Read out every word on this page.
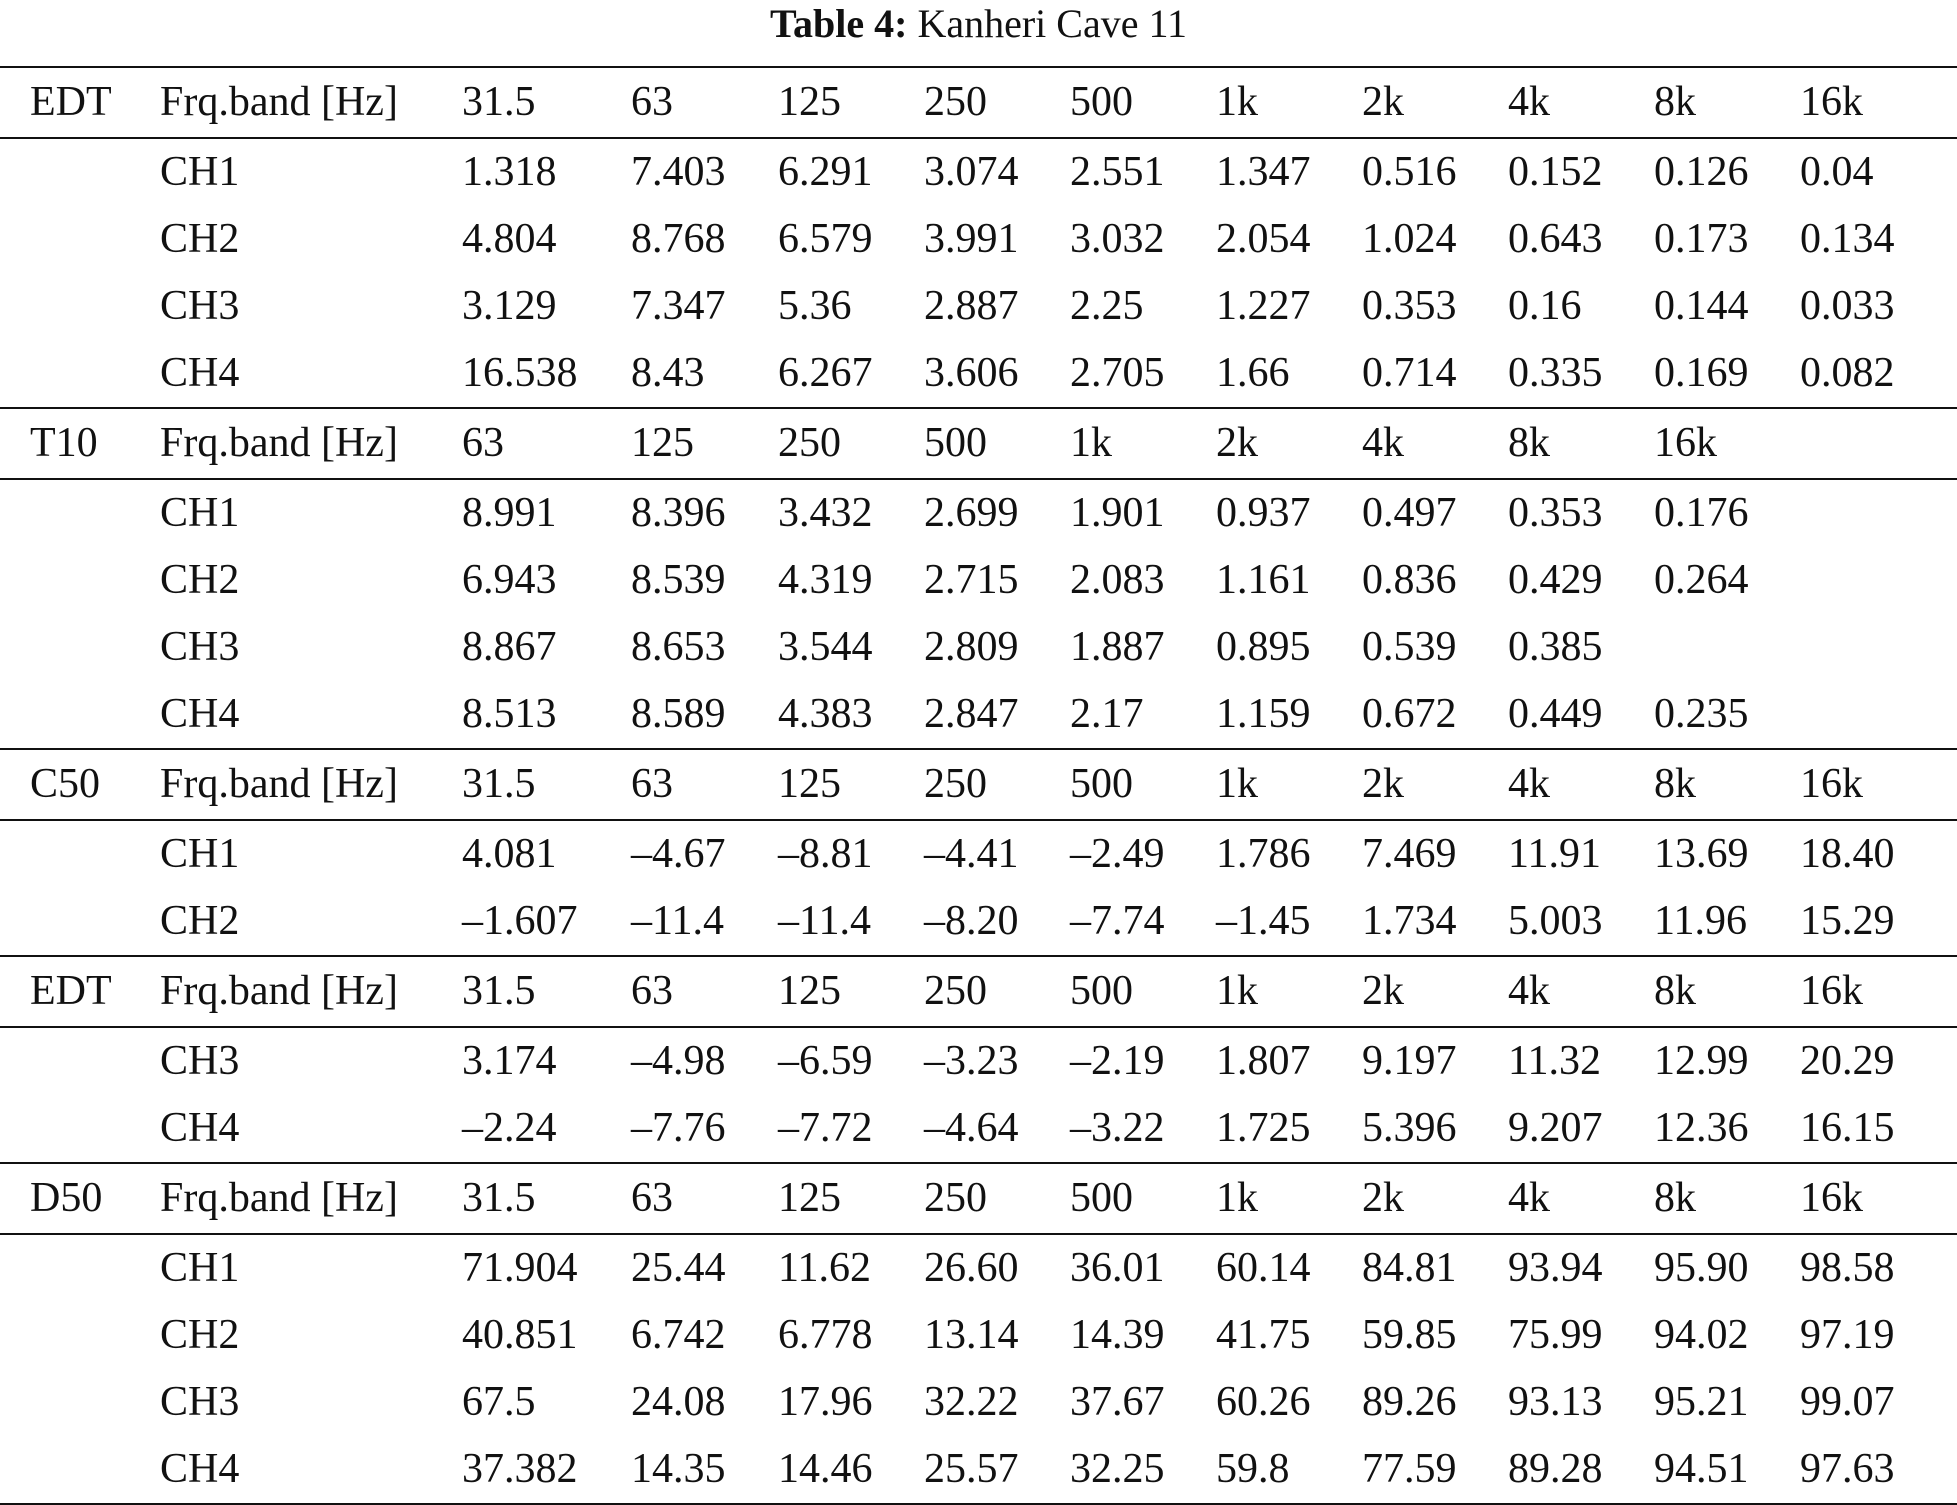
Table 4: Kanheri Cave 11
EDT	Frq.band [Hz]	31.5	63	125	250	500	1k	2k	4k	8k	16k
	CH1	1.318	7.403	6.291	3.074	2.551	1.347	0.516	0.152	0.126	0.04
	CH2	4.804	8.768	6.579	3.991	3.032	2.054	1.024	0.643	0.173	0.134
	CH3	3.129	7.347	5.36	2.887	2.25	1.227	0.353	0.16	0.144	0.033
	CH4	16.538	8.43	6.267	3.606	2.705	1.66	0.714	0.335	0.169	0.082
T10	Frq.band [Hz]	63	125	250	500	1k	2k	4k	8k	16k	
	CH1	8.991	8.396	3.432	2.699	1.901	0.937	0.497	0.353	0.176	
	CH2	6.943	8.539	4.319	2.715	2.083	1.161	0.836	0.429	0.264	
	CH3	8.867	8.653	3.544	2.809	1.887	0.895	0.539	0.385		
	CH4	8.513	8.589	4.383	2.847	2.17	1.159	0.672	0.449	0.235	
C50	Frq.band [Hz]	31.5	63	125	250	500	1k	2k	4k	8k	16k
	CH1	4.081	–4.67	–8.81	–4.41	–2.49	1.786	7.469	11.91	13.69	18.40
	CH2	–1.607	–11.4	–11.4	–8.20	–7.74	–1.45	1.734	5.003	11.96	15.29
EDT	Frq.band [Hz]	31.5	63	125	250	500	1k	2k	4k	8k	16k
	CH3	3.174	–4.98	–6.59	–3.23	–2.19	1.807	9.197	11.32	12.99	20.29
	CH4	–2.24	–7.76	–7.72	–4.64	–3.22	1.725	5.396	9.207	12.36	16.15
D50	Frq.band [Hz]	31.5	63	125	250	500	1k	2k	4k	8k	16k
	CH1	71.904	25.44	11.62	26.60	36.01	60.14	84.81	93.94	95.90	98.58
	CH2	40.851	6.742	6.778	13.14	14.39	41.75	59.85	75.99	94.02	97.19
	CH3	67.5	24.08	17.96	32.22	37.67	60.26	89.26	93.13	95.21	99.07
	CH4	37.382	14.35	14.46	25.57	32.25	59.8	77.59	89.28	94.51	97.63
